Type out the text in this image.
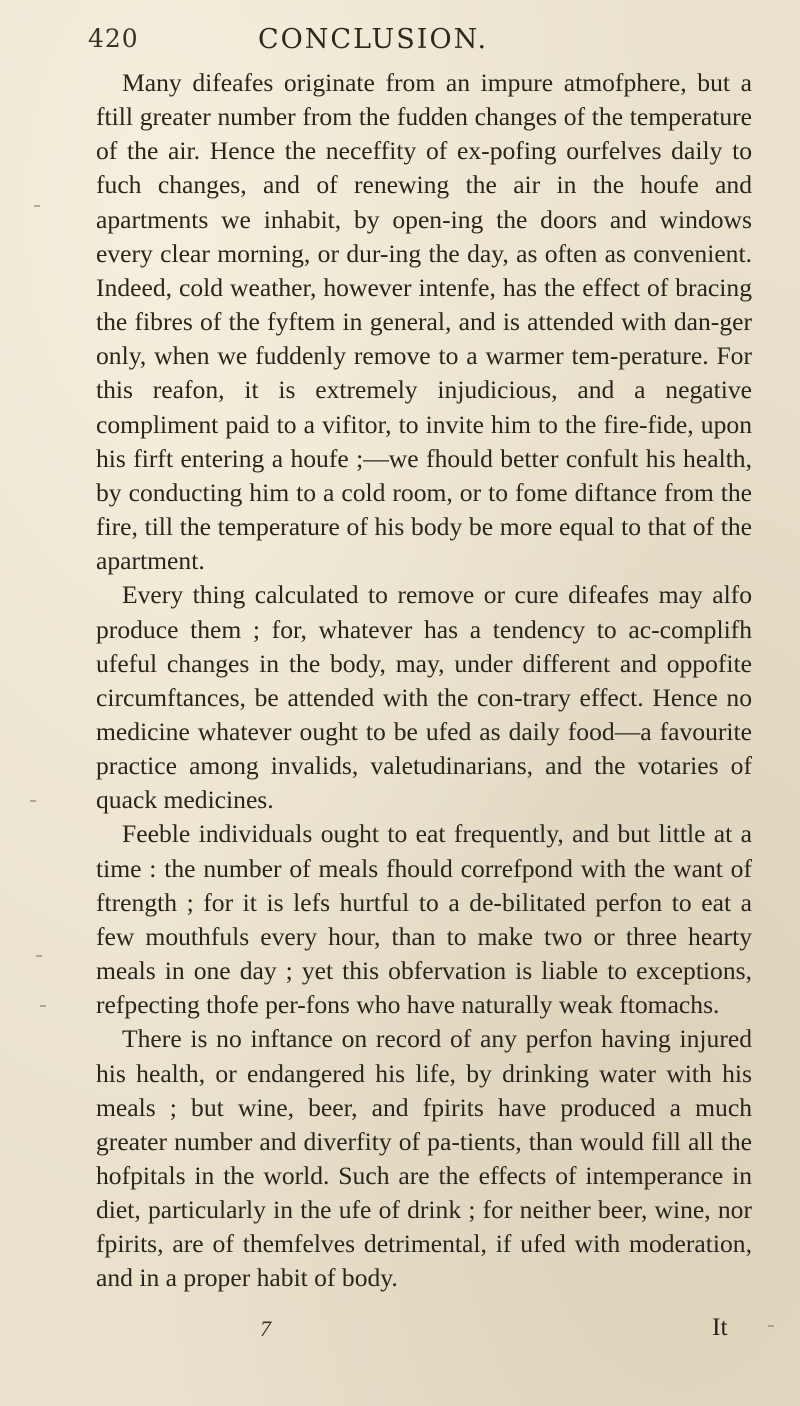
420	CONCLUSION.

Many difeafes originate from an impure atmofphere, but a ftill greater number from the fudden changes of the temperature of the air. Hence the neceffity of ex-pofing ourfelves daily to fuch changes, and of renewing the air in the houfe and apartments we inhabit, by open-ing the doors and windows every clear morning, or dur-ing the day, as often as convenient. Indeed, cold weather, however intenfe, has the effect of bracing the fibres of the fyftem in general, and is attended with dan-ger only, when we fuddenly remove to a warmer tem-perature. For this reafon, it is extremely injudicious, and a negative compliment paid to a vifitor, to invite him to the fire-fide, upon his firft entering a houfe ;—we fhould better confult his health, by conducting him to a cold room, or to fome diftance from the fire, till the temperature of his body be more equal to that of the apartment.

Every thing calculated to remove or cure difeafes may alfo produce them ; for, whatever has a tendency to ac-complifh ufeful changes in the body, may, under different and oppofite circumftances, be attended with the con-trary effect. Hence no medicine whatever ought to be ufed as daily food—a favourite practice among invalids, valetudinarians, and the votaries of quack medicines.

Feeble individuals ought to eat frequently, and but little at a time : the number of meals fhould correfpond with the want of ftrength ; for it is lefs hurtful to a de-bilitated perfon to eat a few mouthfuls every hour, than to make two or three hearty meals in one day ; yet this obfervation is liable to exceptions, refpecting thofe per-fons who have naturally weak ftomachs.

There is no inftance on record of any perfon having injured his health, or endangered his life, by drinking water with his meals ; but wine, beer, and fpirits have produced a much greater number and diverfity of pa-tients, than would fill all the hofpitals in the world. Such are the effects of intemperance in diet, particularly in the ufe of drink ; for neither beer, wine, nor fpirits, are of themfelves detrimental, if ufed with moderation, and in a proper habit of body.

7	It
